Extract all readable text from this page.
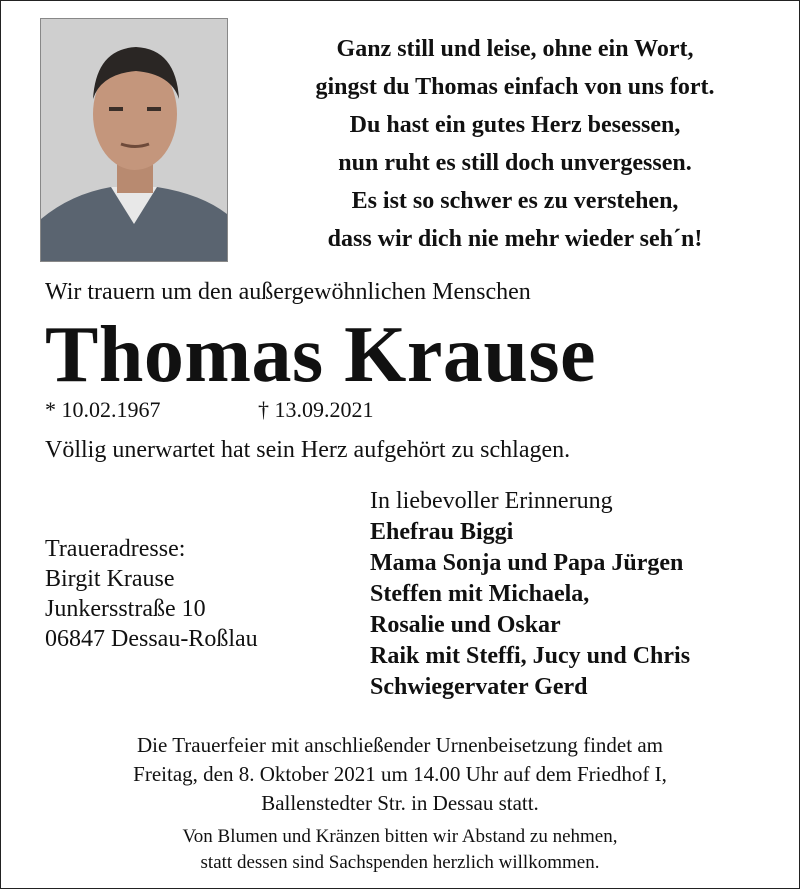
Ganz still und leise, ohne ein Wort,
gingst du Thomas einfach von uns fort.
Du hast ein gutes Herz besessen,
nun ruht es still doch unvergessen.
Es ist so schwer es zu verstehen,
dass wir dich nie mehr wieder seh´n!
Wir trauern um den außergewöhnlichen Menschen
Thomas Krause
* 10.02.1967	† 13.09.2021
Völlig unerwartet hat sein Herz aufgehört zu schlagen.
Traueradresse:
Birgit Krause
Junkersstraße 10
06847 Dessau-Roßlau
In liebevoller Erinnerung
Ehefrau Biggi
Mama Sonja und Papa Jürgen
Steffen mit Michaela,
Rosalie und Oskar
Raik mit Steffi, Jucy und Chris
Schwiegervater Gerd
Die Trauerfeier mit anschließender Urnenbeisetzung findet am
Freitag, den 8. Oktober 2021 um 14.00 Uhr auf dem Friedhof I,
Ballenstedter Str. in Dessau statt.
Von Blumen und Kränzen bitten wir Abstand zu nehmen,
statt dessen sind Sachspenden herzlich willkommen.
